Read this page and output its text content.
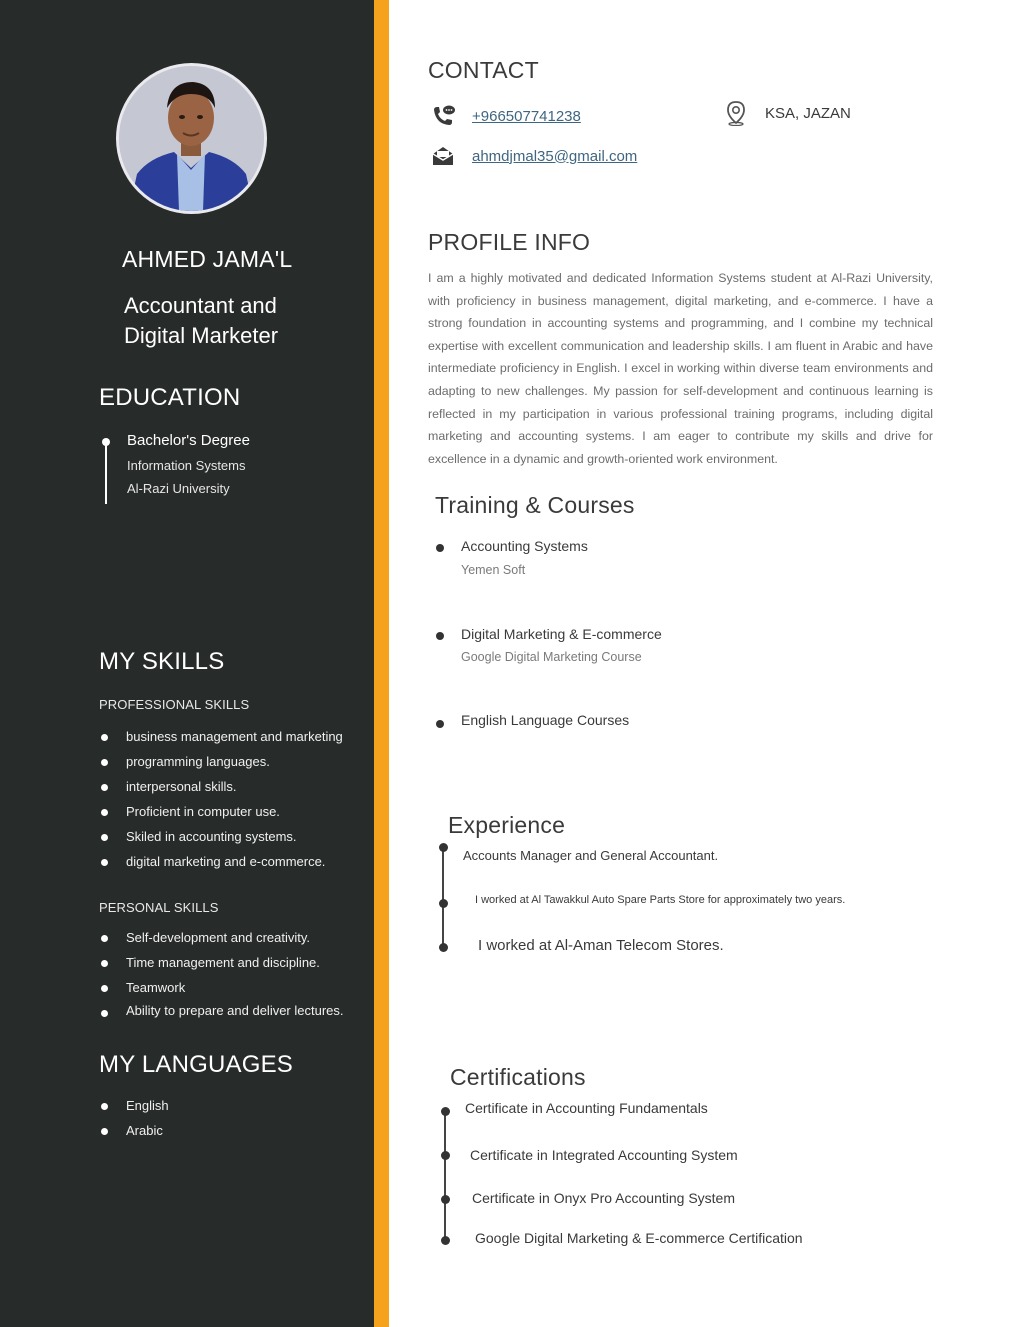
AHMED JAMA'L
Accountant and
Digital Marketer
EDUCATION
Bachelor's Degree
Information Systems
Al-Razi University
MY SKILLS
PROFESSIONAL SKILLS
business management and marketing
programming languages.
interpersonal skills.
Proficient in computer use.
Skiled in accounting systems.
digital marketing and e-commerce.
PERSONAL SKILLS
Self-development and creativity.
Time management and discipline.
Teamwork
Ability to prepare and deliver lectures.
MY LANGUAGES
English
Arabic
CONTACT
+966507741238	KSA, JAZAN
ahmdjmal35@gmail.com
PROFILE INFO
I am a highly motivated and dedicated Information Systems student at Al-Razi University, with proficiency in business management, digital marketing, and e-commerce. I have a strong foundation in accounting systems and programming, and I combine my technical expertise with excellent communication and leadership skills. I am fluent in Arabic and have intermediate proficiency in English. I excel in working within diverse team environments and adapting to new challenges. My passion for self-development and continuous learning is reflected in my participation in various professional training programs, including digital marketing and accounting systems. I am eager to contribute my skills and drive for excellence in a dynamic and growth-oriented work environment.
Training & Courses
Accounting Systems
Yemen Soft
Digital Marketing & E-commerce
Google Digital Marketing Course
English Language Courses
Experience
Accounts Manager and General Accountant.
I worked at Al Tawakkul Auto Spare Parts Store for approximately two years.
I worked at Al-Aman Telecom Stores.
Certifications
Certificate in Accounting Fundamentals
Certificate in Integrated Accounting System
Certificate in Onyx Pro Accounting System
Google Digital Marketing & E-commerce Certification
